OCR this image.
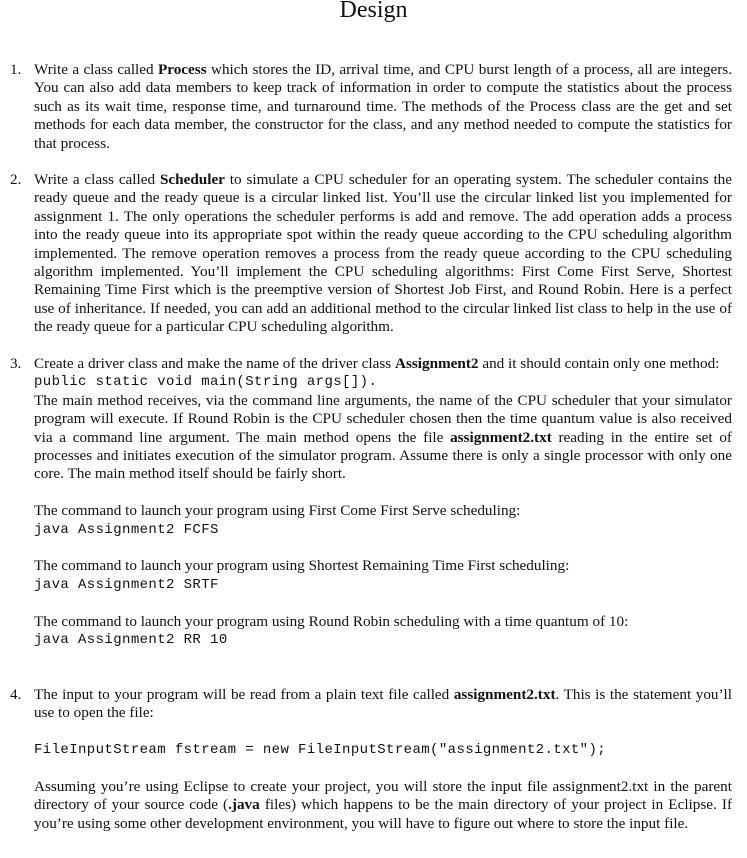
Design
1. Write a class called Process which stores the ID, arrival time, and CPU burst length of a process, all are integers. You can also add data members to keep track of information in order to compute the statistics about the process such as its wait time, response time, and turnaround time. The methods of the Process class are the get and set methods for each data member, the constructor for the class, and any method needed to compute the statistics for that process.

2. Write a class called Scheduler to simulate a CPU scheduler for an operating system. The scheduler contains the ready queue and the ready queue is a circular linked list. You’ll use the circular linked list you implemented for assignment 1. The only operations the scheduler performs is add and remove. The add operation adds a process into the ready queue into its appropriate spot within the ready queue according to the CPU scheduling algorithm implemented. The remove operation removes a process from the ready queue according to the CPU scheduling algorithm implemented. You’ll implement the CPU scheduling algorithms: First Come First Serve, Shortest Remaining Time First which is the preemptive version of Shortest Job First, and Round Robin. Here is a perfect use of inheritance. If needed, you can add an additional method to the circular linked list class to help in the use of the ready queue for a particular CPU scheduling algorithm.

3. Create a driver class and make the name of the driver class Assignment2 and it should contain only one method:

public static void main(String args[]).

The main method receives, via the command line arguments, the name of the CPU scheduler that your simulator program will execute. If Round Robin is the CPU scheduler chosen then the time quantum value is also received via a command line argument. The main method opens the file assignment2.txt reading in the entire set of processes and initiates execution of the simulator program. Assume there is only a single processor with only one core. The main method itself should be fairly short.

The command to launch your program using First Come First Serve scheduling:

java Assignment2 FCFS

The command to launch your program using Shortest Remaining Time First scheduling:

java Assignment2 SRTF

The command to launch your program using Round Robin scheduling with a time quantum of 10:

java Assignment2 RR 10
4. The input to your program will be read from a plain text file called assignment2.txt. This is the statement you’ll use to open the file:

FileInputStream fstream = new FileInputStream("assignment2.txt");

Assuming you’re using Eclipse to create your project, you will store the input file assignment2.txt in the parent directory of your source code (.java files) which happens to be the main directory of your project in Eclipse. If you’re using some other development environment, you will have to figure out where to store the input file.
